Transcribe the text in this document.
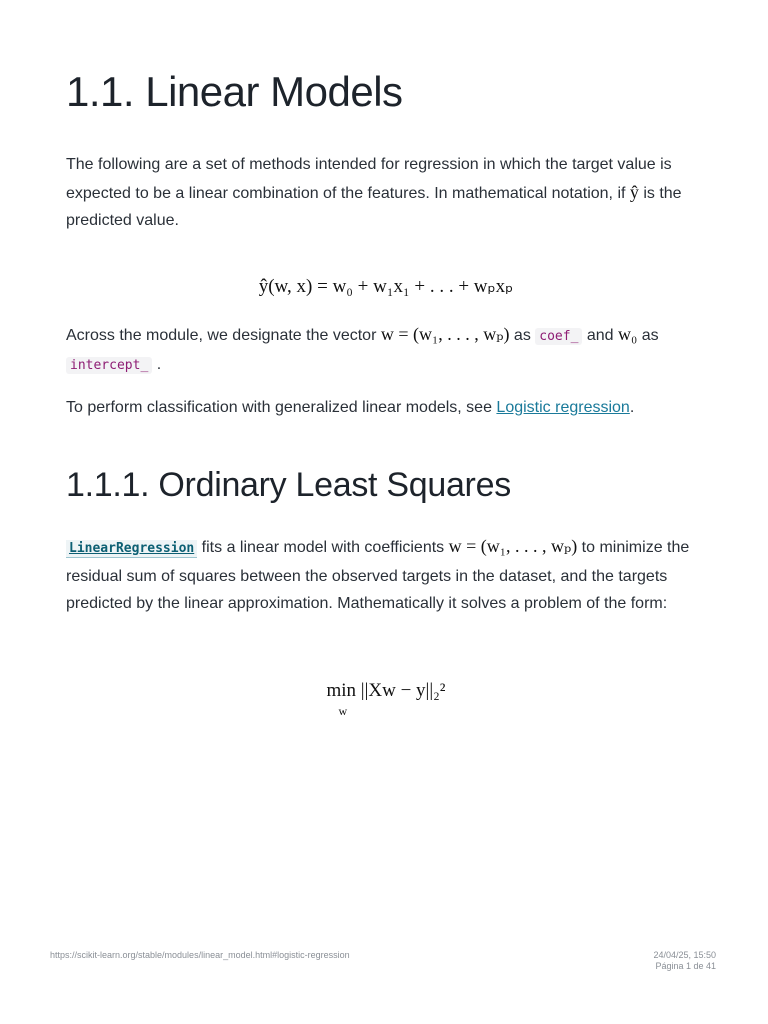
1.1. Linear Models
The following are a set of methods intended for regression in which the target value is expected to be a linear combination of the features. In mathematical notation, if ŷ is the predicted value.
ŷ(w, x) = w₀ + w₁x₁ + . . . + wₚxₚ
Across the module, we designate the vector w = (w₁, . . . , wₚ) as coef_ and w₀ as
intercept_ .
To perform classification with generalized linear models, see Logistic regression.
1.1.1. Ordinary Least Squares
LinearRegression fits a linear model with coefficients w = (w₁, . . . , wₚ) to minimize the residual sum of squares between the observed targets in the dataset, and the targets predicted by the linear approximation. Mathematically it solves a problem of the form:
min
w
||Xw − y||₂²
https://scikit-learn.org/stable/modules/linear_model.html#logistic-regression	24/04/25, 15:50
Página 1 de 41
